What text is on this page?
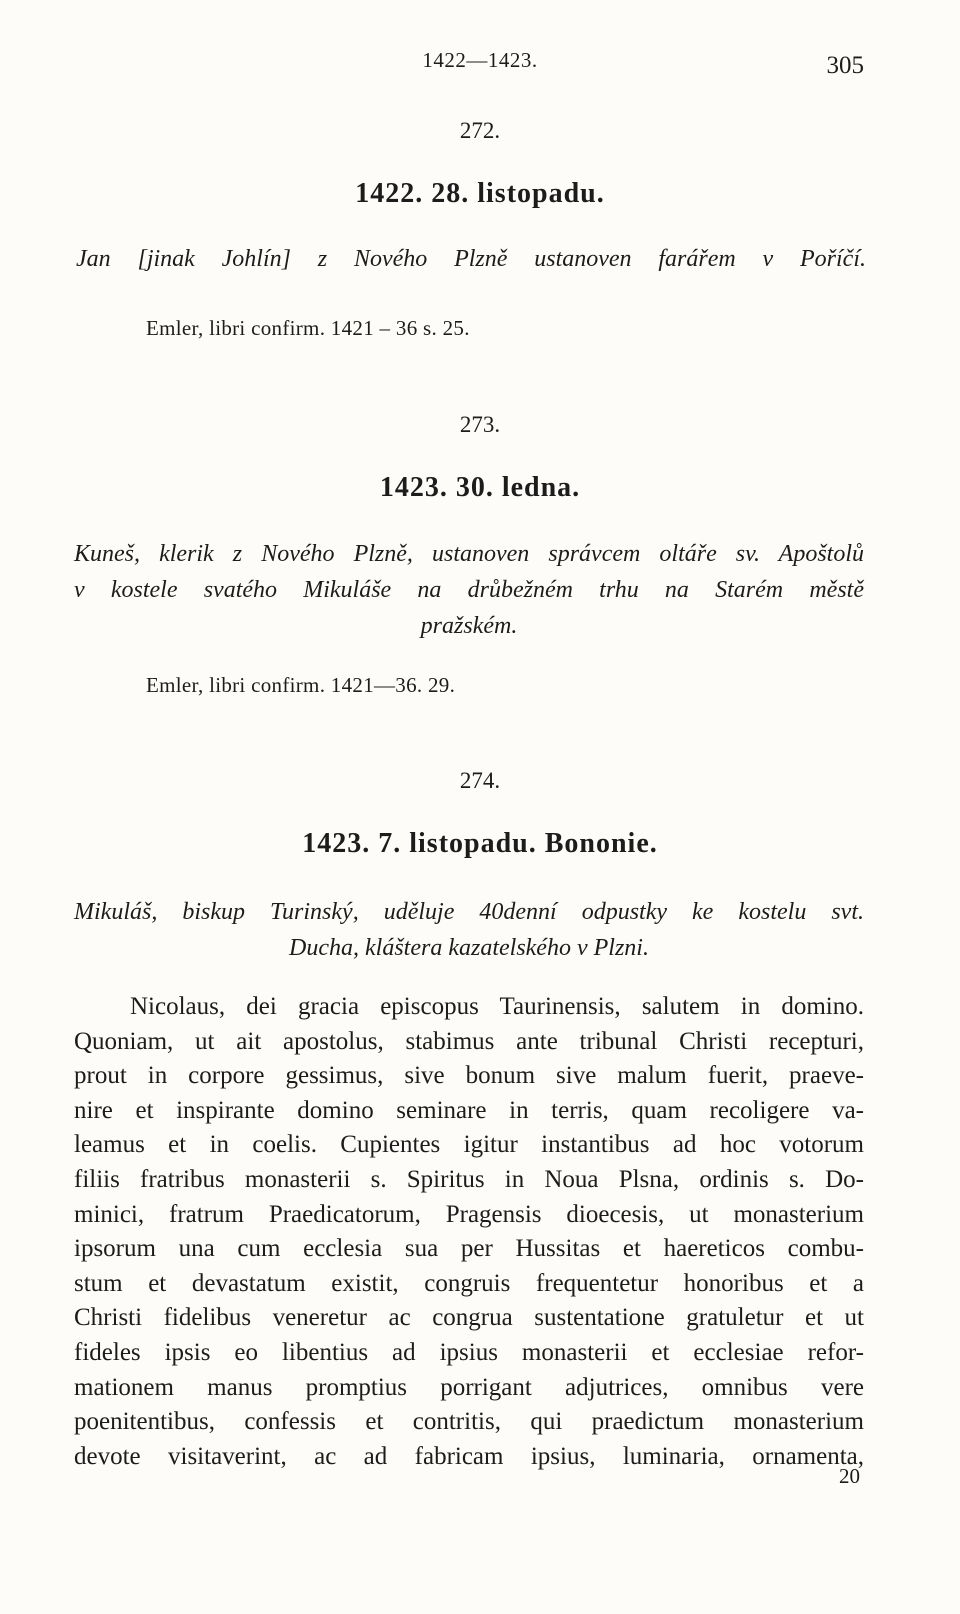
1422—1423.	305
272.
1422. 28. listopadu.
Jan [jinak Johlín] z Nového Plzně ustanoven farářem v Poříčí.
Emler, libri confirm. 1421 – 36 s. 25.
273.
1423. 30. ledna.
Kuneš, klerik z Nového Plzně, ustanoven správcem oltáře sv. Apoštolů
v kostele svatého Mikuláše na drůbežném trhu na Starém městě
pražském.
Emler, libri confirm. 1421—36. 29.
274.
1423. 7. listopadu. Bononie.
Mikuláš, biskup Turinský, uděluje 40denní odpustky ke kostelu svt.
Ducha, kláštera kazatelského v Plzni.
Nicolaus, dei gracia episcopus Taurinensis, salutem in domino.
Quoniam, ut ait apostolus, stabimus ante tribunal Christi recepturi,
prout in corpore gessimus, sive bonum sive malum fuerit, praeve-
nire et inspirante domino seminare in terris, quam recoligere va-
leamus et in coelis. Cupientes igitur instantibus ad hoc votorum
filiis fratribus monasterii s. Spiritus in Noua Plsna, ordinis s. Do-
minici, fratrum Praedicatorum, Pragensis dioecesis, ut monasterium
ipsorum una cum ecclesia sua per Hussitas et haereticos combu-
stum et devastatum existit, congruis frequentetur honoribus et a
Christi fidelibus veneretur ac congrua sustentatione gratuletur et ut
fideles ipsis eo libentius ad ipsius monasterii et ecclesiae refor-
mationem manus promptius porrigant adjutrices, omnibus vere
poenitentibus, confessis et contritis, qui praedictum monasterium
devote visitaverint, ac ad fabricam ipsius, luminaria, ornamenta,
20
